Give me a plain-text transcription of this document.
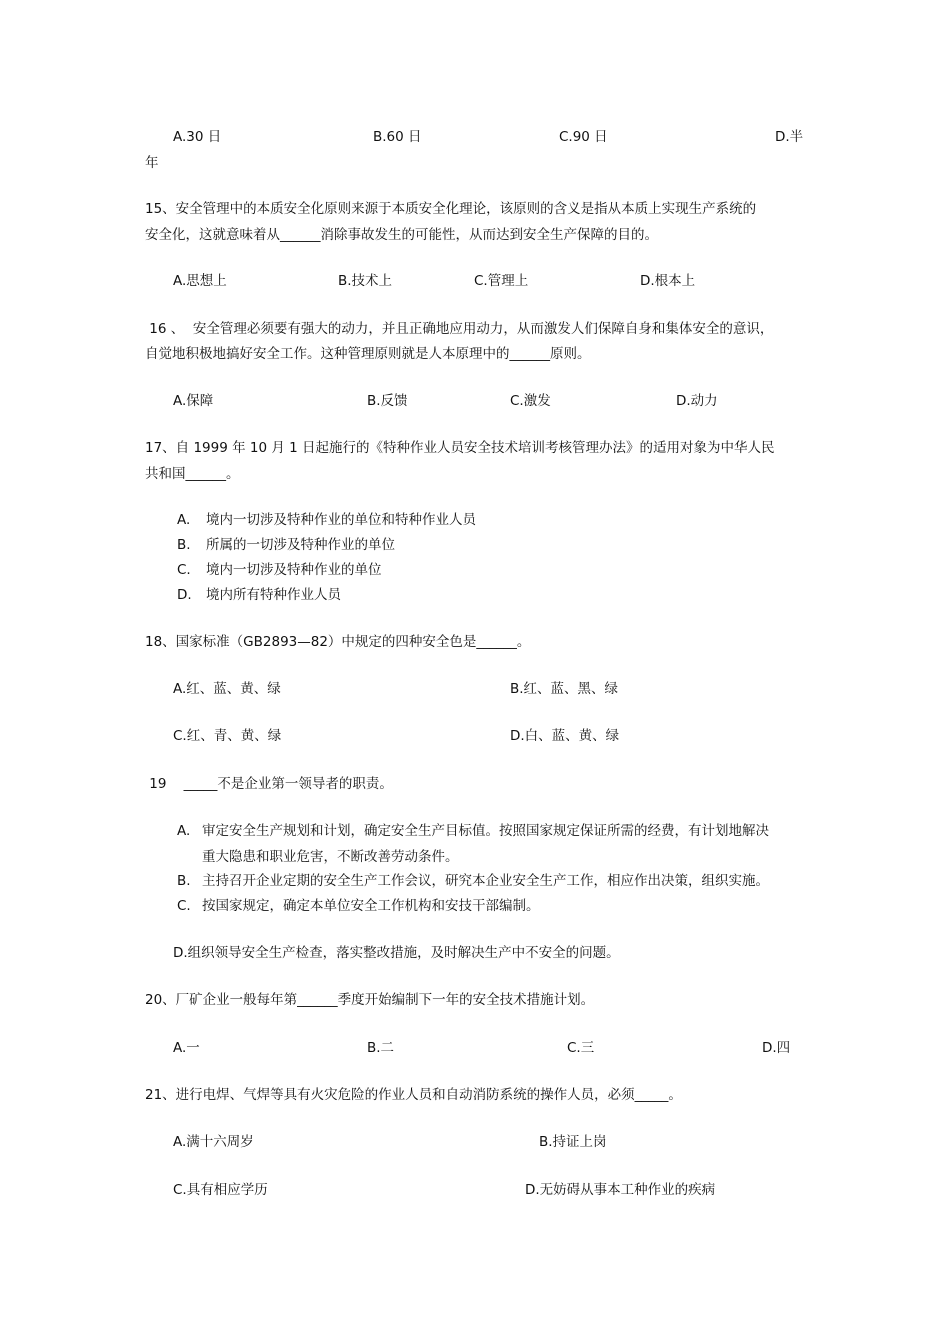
A.30 日	B.60 日	C.90 日	D.半
年
15、安全管理中的本质安全化原则来源于本质安全化理论，该原则的含义是指从本质上实现生产系统的
安全化，这就意味着从______消除事故发生的可能性，从而达到安全生产保障的目的。
A.思想上	B.技术上	C.管理上	D.根本上
16 、  安全管理必须要有强大的动力，并且正确地应用动力，从而激发人们保障自身和集体安全的意识，
自觉地积极地搞好安全工作。这种管理原则就是人本原理中的______原则。
A.保障	B.反馈	C.激发	D.动力
17、自 1999 年 10 月 1 日起施行的《特种作业人员安全技术培训考核管理办法》的适用对象为中华人民
共和国______。
A. 境内一切涉及特种作业的单位和特种作业人员
B. 所属的一切涉及特种作业的单位
C. 境内一切涉及特种作业的单位
D. 境内所有特种作业人员
18、国家标准（GB2893—82）中规定的四种安全色是______。
A.红、蓝、黄、绿	B.红、蓝、黑、绿
C.红、青、黄、绿	D.白、蓝、黄、绿
19    _____不是企业第一领导者的职责。
A. 审定安全生产规划和计划，确定安全生产目标值。按照国家规定保证所需的经费，有计划地解决
重大隐患和职业危害，不断改善劳动条件。
B. 主持召开企业定期的安全生产工作会议，研究本企业安全生产工作，相应作出决策，组织实施。
C. 按国家规定，确定本单位安全工作机构和安技干部编制。
D.组织领导安全生产检查，落实整改措施，及时解决生产中不安全的问题。
20、厂矿企业一般每年第______季度开始编制下一年的安全技术措施计划。
A.一	B.二	C.三	D.四
21、进行电焊、气焊等具有火灾危险的作业人员和自动消防系统的操作人员，必须_____。
A.满十六周岁	B.持证上岗
C.具有相应学历	D.无妨碍从事本工种作业的疾病
